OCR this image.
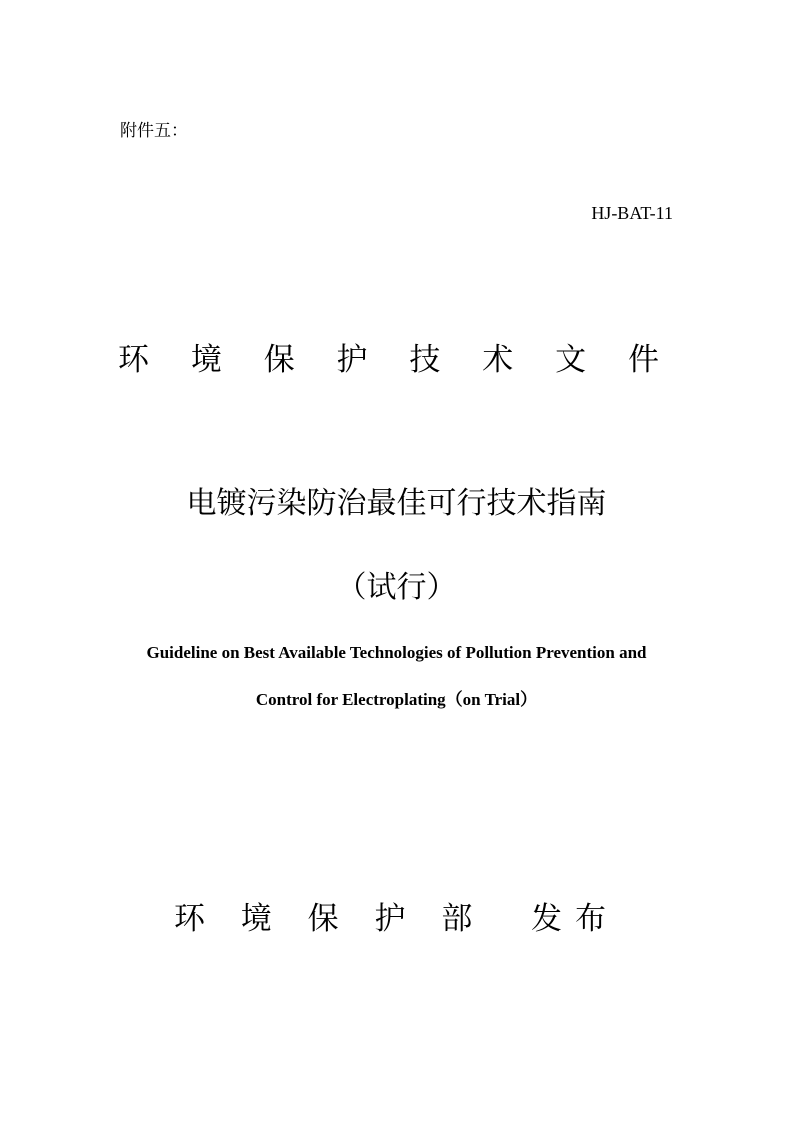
附件五：
HJ-BAT-11
环 境 保 护 技 术 文 件
电镀污染防治最佳可行技术指南
（试行）
Guideline on Best Available Technologies of Pollution Prevention and
Control for Electroplating（on Trial）
环 境 保 护 部  发布
